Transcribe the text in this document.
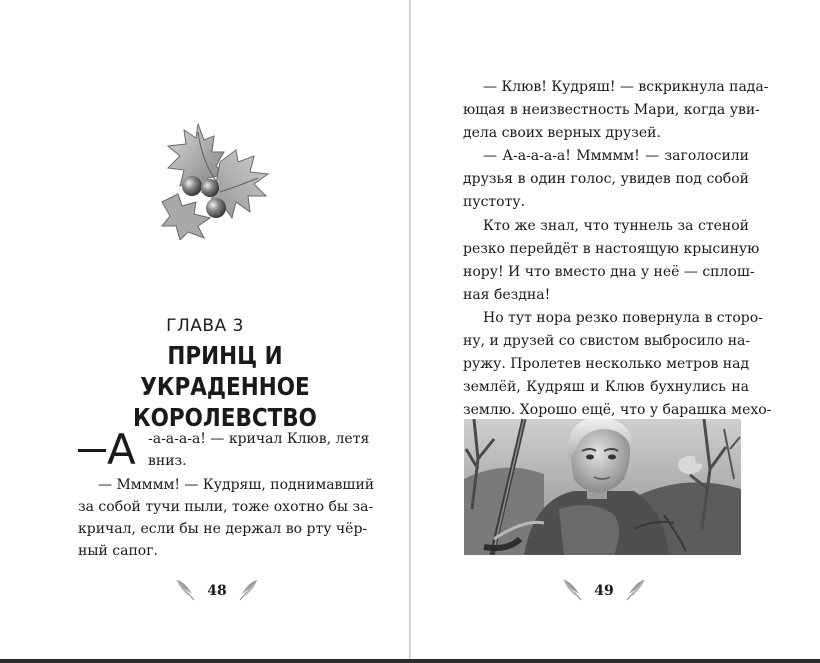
ГЛАВА 3
ПРИНЦ И УКРАДЕННОЕ
КОРОЛЕВСТВО
А -а-а-а-а! — кричал Клюв, летя
вниз.
— Ммммм! — Кудряш, поднимавший
за собой тучи пыли, тоже охотно бы за-
кричал, если бы не держал во рту чёр-
ный сапог.
48
— Клюв! Кудряш! — вскрикнула пада-
ющая в неизвестность Мари, когда уви-
дела своих верных друзей.
— А-а-а-а-а! Ммммм! — заголосили
друзья в один голос, увидев под собой
пустоту.
Кто же знал, что туннель за стеной
резко перейдёт в настоящую крысиную
нору! И что вместо дна у неё — сплош-
ная бездна!
Но тут нора резко повернула в сторо-
ну, и друзей со свистом выбросило на-
ружу. Пролетев несколько метров над
землёй, Кудряш и Клюв бухнулись на
землю. Хорошо ещё, что у барашка мехо-
49
